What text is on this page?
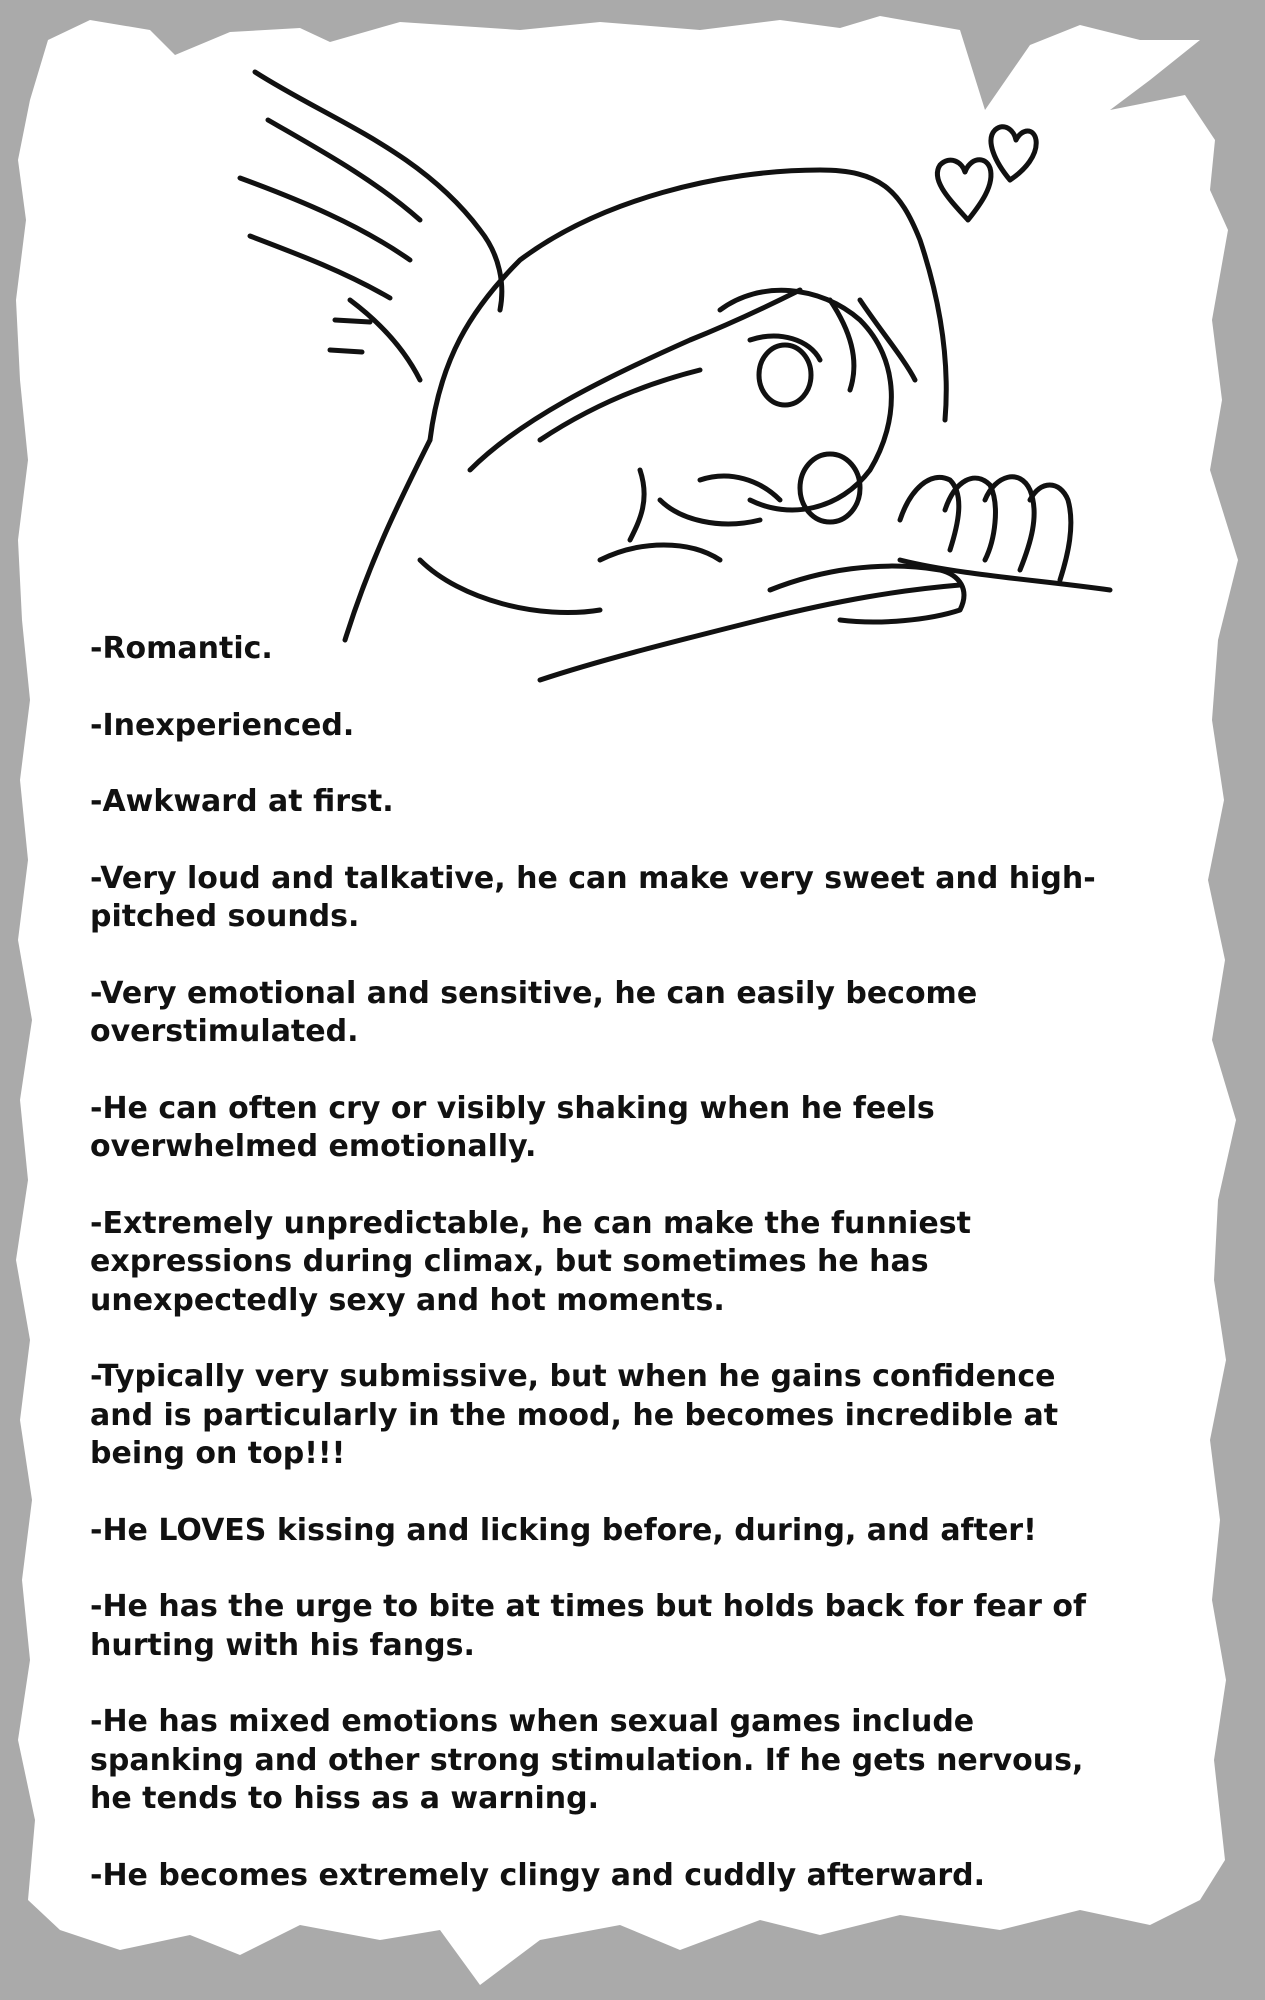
-Romantic.
-Inexperienced.
-Awkward at first.
-Very loud and talkative, he can make very sweet and high-
pitched sounds.
-Very emotional and sensitive, he can easily become
overstimulated.
-He can often cry or visibly shaking when he feels
overwhelmed emotionally.
-Extremely unpredictable, he can make the funniest
expressions during climax, but sometimes he has
unexpectedly sexy and hot moments.
-Typically very submissive, but when he gains confidence
and is particularly in the mood, he becomes incredible at
being on top!!!
-He LOVES kissing and licking before, during, and after!
-He has the urge to bite at times but holds back for fear of
hurting with his fangs.
-He has mixed emotions when sexual games include
spanking and other strong stimulation. If he gets nervous,
he tends to hiss as a warning.
-He becomes extremely clingy and cuddly afterward.
